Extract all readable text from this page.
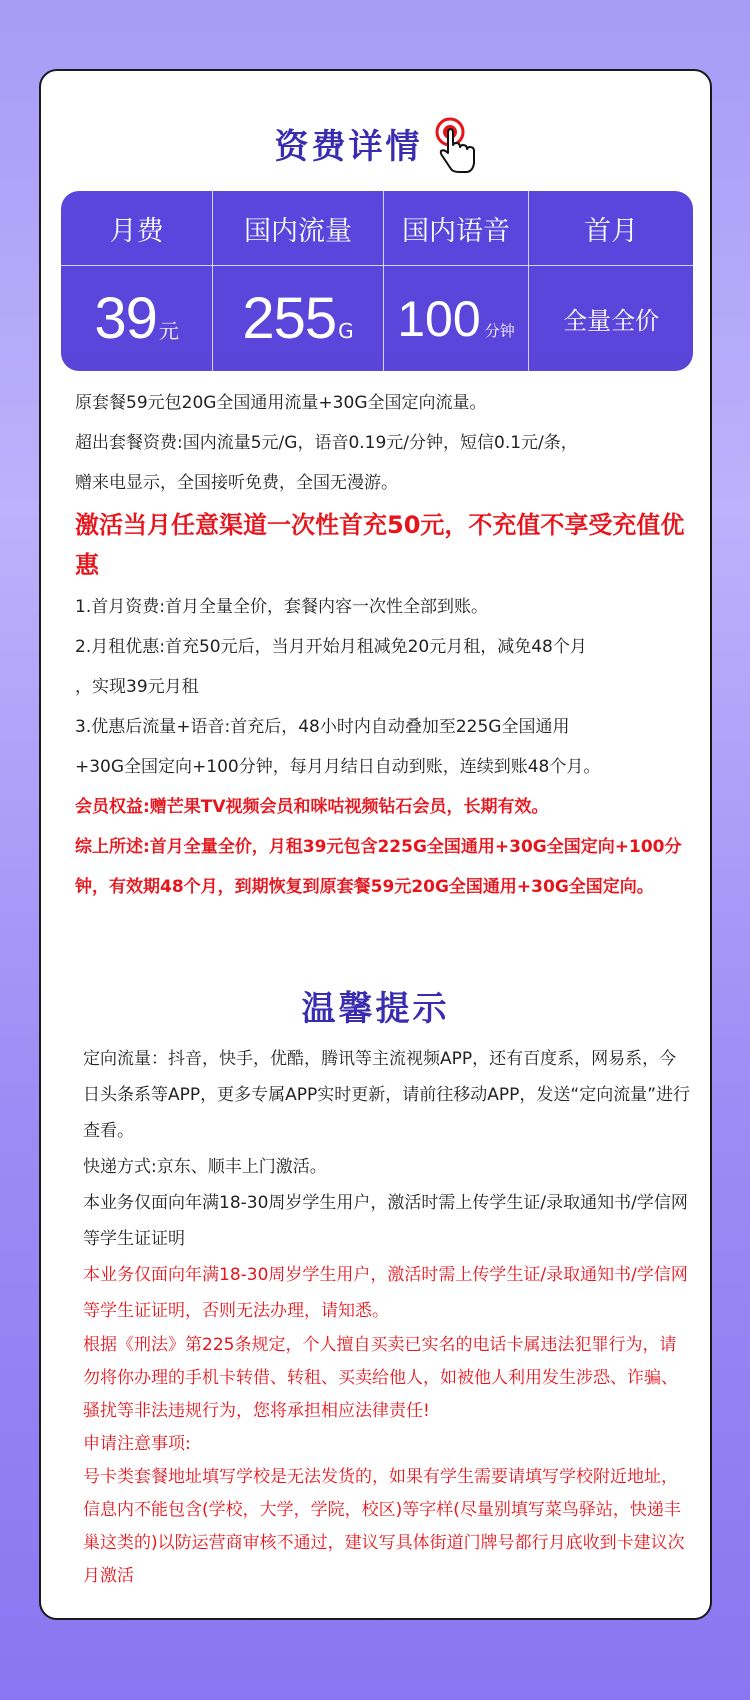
资费详情
月费	国内流量	国内语音	首月
39 元	255 G	100 分钟	全量全价

原套餐59元包20G全国通用流量+30G全国定向流量。

超出套餐资费:国内流量5元/G，语音0.19元/分钟，短信0.1元/条，

赠来电显示，全国接听免费，全国无漫游。

激活当月任意渠道一次性首充50元，不充值不享受充值优惠

1.首月资费:首月全量全价，套餐内容一次性全部到账。

2.月租优惠:首充50元后，当月开始月租减免20元月租，减免48个月

，实现39元月租

3.优惠后流量+语音:首充后，48小时内自动叠加至225G全国通用

+30G全国定向+100分钟，每月月结日自动到账，连续到账48个月。

会员权益:赠芒果TV视频会员和咪咕视频钻石会员，长期有效。

综上所述:首月全量全价，月租39元包含225G全国通用+30G全国定向+100分钟，有效期48个月，到期恢复到原套餐59元20G全国通用+30G全国定向。

温馨提示

定向流量：抖音，快手，优酷，腾讯等主流视频APP，还有百度系，网易系，今日头条系等APP，更多专属APP实时更新，请前往移动APP，发送“定向流量”进行查看。

快递方式:京东、顺丰上门激活。

本业务仅面向年满18-30周岁学生用户，激活时需上传学生证/录取通知书/学信网等学生证证明

本业务仅面向年满18-30周岁学生用户，激活时需上传学生证/录取通知书/学信网等学生证证明，否则无法办理，请知悉。

根据《刑法》第225条规定，个人擅自买卖已实名的电话卡属违法犯罪行为，请勿将你办理的手机卡转借、转租、买卖给他人，如被他人利用发生涉恐、诈骗、骚扰等非法违规行为，您将承担相应法律责任!

申请注意事项:

号卡类套餐地址填写学校是无法发货的，如果有学生需要请填写学校附近地址，信息内不能包含(学校，大学，学院，校区)等字样(尽量别填写菜鸟驿站，快递丰巢这类的)以防运营商审核不通过，建议写具体街道门牌号都行月底收到卡建议次月激活
